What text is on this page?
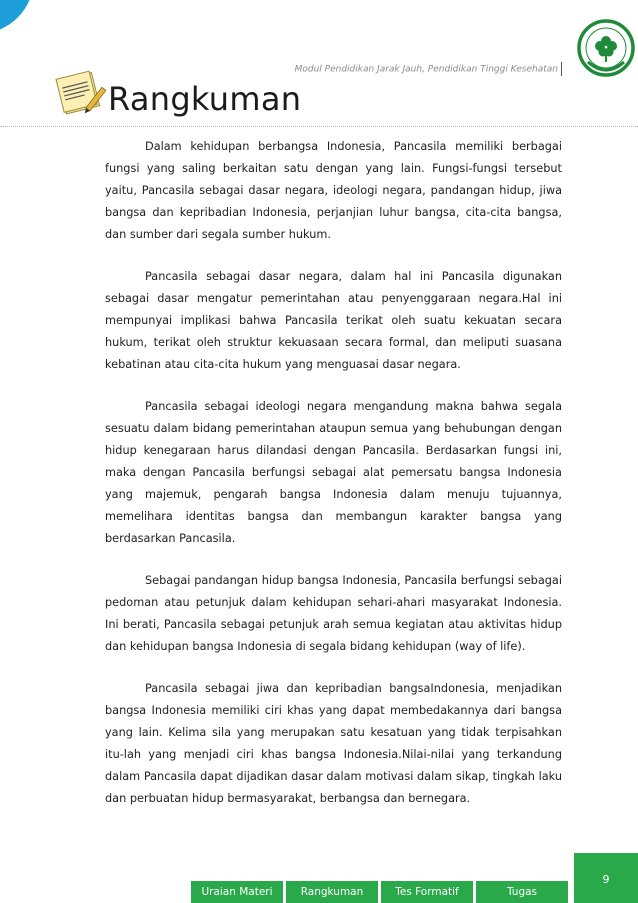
Modul Pendidikan Jarak Jauh, Pendidikan Tinggi Kesehatan
Rangkuman

Dalam kehidupan berbangsa Indonesia, Pancasila memiliki berbagai fungsi yang saling berkaitan satu dengan yang lain. Fungsi-fungsi tersebut yaitu, Pancasila sebagai dasar negara, ideologi negara, pandangan hidup, jiwa bangsa dan kepribadian Indonesia, perjanjian luhur bangsa, cita-cita bangsa, dan sumber dari segala sumber hukum.

Pancasila sebagai dasar negara, dalam hal ini Pancasila digunakan sebagai dasar mengatur pemerintahan atau penyenggaraan negara.Hal ini mempunyai implikasi bahwa Pancasila terikat oleh suatu kekuatan secara hukum, terikat oleh struktur kekuasaan secara formal, dan meliputi suasana kebatinan atau cita-cita hukum yang menguasai dasar negara.

Pancasila sebagai ideologi negara mengandung makna bahwa segala sesuatu dalam bidang pemerintahan ataupun semua yang behubungan dengan hidup kenegaraan harus dilandasi dengan Pancasila. Berdasarkan fungsi ini, maka dengan Pancasila berfungsi sebagai alat pemersatu bangsa Indonesia yang majemuk, pengarah bangsa Indonesia dalam menuju tujuannya, memelihara identitas bangsa dan membangun karakter bangsa yang berdasarkan Pancasila.

Sebagai pandangan hidup bangsa Indonesia, Pancasila berfungsi sebagai pedoman atau petunjuk dalam kehidupan sehari-ahari masyarakat Indonesia. Ini berati, Pancasila sebagai petunjuk arah semua kegiatan atau aktivitas hidup dan kehidupan bangsa Indonesia di segala bidang kehidupan (way of life).

Pancasila sebagai jiwa dan kepribadian bangsaIndonesia, menjadikan bangsa Indonesia memiliki ciri khas yang dapat membedakannya dari bangsa yang lain. Kelima sila yang merupakan satu kesatuan yang tidak terpisahkan itu-lah yang menjadi ciri khas bangsa Indonesia.Nilai-nilai yang terkandung dalam Pancasila dapat dijadikan dasar dalam motivasi dalam sikap, tingkah laku dan perbuatan hidup bermasyarakat, berbangsa dan bernegara.

9
Uraian Materi	Rangkuman	Tes Formatif	Tugas
